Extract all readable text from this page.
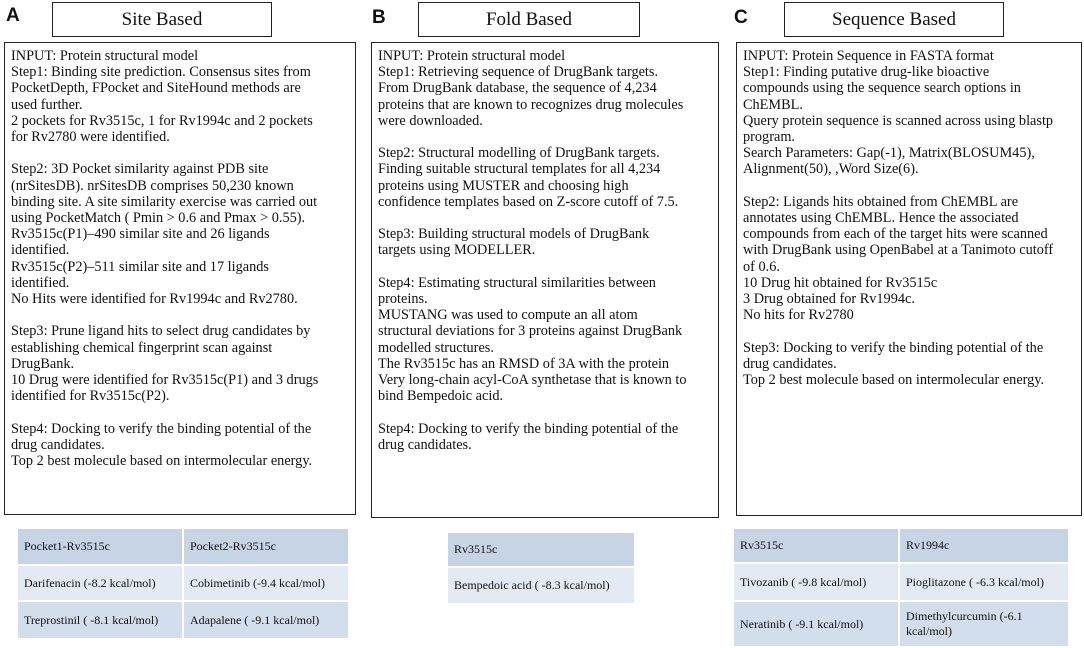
A	B	C
Site Based	Fold Based	Sequence Based
INPUT: Protein structural model
Step1: Binding site prediction. Consensus sites from
PocketDepth, FPocket and SiteHound methods are
used further.
2 pockets for Rv3515c, 1 for Rv1994c and 2 pockets
for Rv2780 were identified.
Step2: 3D Pocket similarity against PDB site
(nrSitesDB). nrSitesDB comprises 50,230 known
binding site. A site similarity exercise was carried out
using PocketMatch ( Pmin > 0.6 and Pmax > 0.55).
Rv3515c(P1)–490 similar site and 26 ligands
identified.
Rv3515c(P2)–511 similar site and 17 ligands
identified.
No Hits were identified for Rv1994c and Rv2780.
Step3: Prune ligand hits to select drug candidates by
establishing chemical fingerprint scan against
DrugBank.
10 Drug were identified for Rv3515c(P1) and 3 drugs
identified for Rv3515c(P2).
Step4: Docking to verify the binding potential of the
drug candidates.
Top 2 best molecule based on intermolecular energy.
INPUT: Protein structural model
Step1: Retrieving sequence of DrugBank targets.
From DrugBank database, the sequence of 4,234
proteins that are known to recognizes drug molecules
were downloaded.
Step2: Structural modelling of DrugBank targets.
Finding suitable structural templates for all 4,234
proteins using MUSTER and choosing high
confidence templates based on Z-score cutoff of 7.5.
Step3: Building structural models of DrugBank
targets using MODELLER.
Step4: Estimating structural similarities between
proteins.
MUSTANG was used to compute an all atom
structural deviations for 3 proteins against DrugBank
modelled structures.
The Rv3515c has an RMSD of 3A with the protein
Very long-chain acyl-CoA synthetase that is known to
bind Bempedoic acid.
Step4: Docking to verify the binding potential of the
drug candidates.
INPUT: Protein Sequence in FASTA format
Step1: Finding putative drug-like bioactive
compounds using the sequence search options in
ChEMBL.
Query protein sequence is scanned across using blastp
program.
Search Parameters: Gap(-1), Matrix(BLOSUM45),
Alignment(50), ,Word Size(6).
Step2: Ligands hits obtained from ChEMBL are
annotates using ChEMBL. Hence the associated
compounds from each of the target hits were scanned
with DrugBank using OpenBabel at a Tanimoto cutoff
of 0.6.
10 Drug hit obtained for Rv3515c
3 Drug obtained for Rv1994c.
No hits for Rv2780
Step3: Docking to verify the binding potential of the
drug candidates.
Top 2 best molecule based on intermolecular energy.
Pocket1-Rv3515c	Pocket2-Rv3515c
Darifenacin (-8.2 kcal/mol)	Cobimetinib (-9.4 kcal/mol)
Treprostinil ( -8.1 kcal/mol)	Adapalene ( -9.1 kcal/mol)
Rv3515c
Bempedoic acid ( -8.3 kcal/mol)
Rv3515c	Rv1994c
Tivozanib ( -9.8 kcal/mol)	Pioglitazone ( -6.3 kcal/mol)
Neratinib ( -9.1 kcal/mol)	Dimethylcurcumin (-6.1
kcal/mol)
